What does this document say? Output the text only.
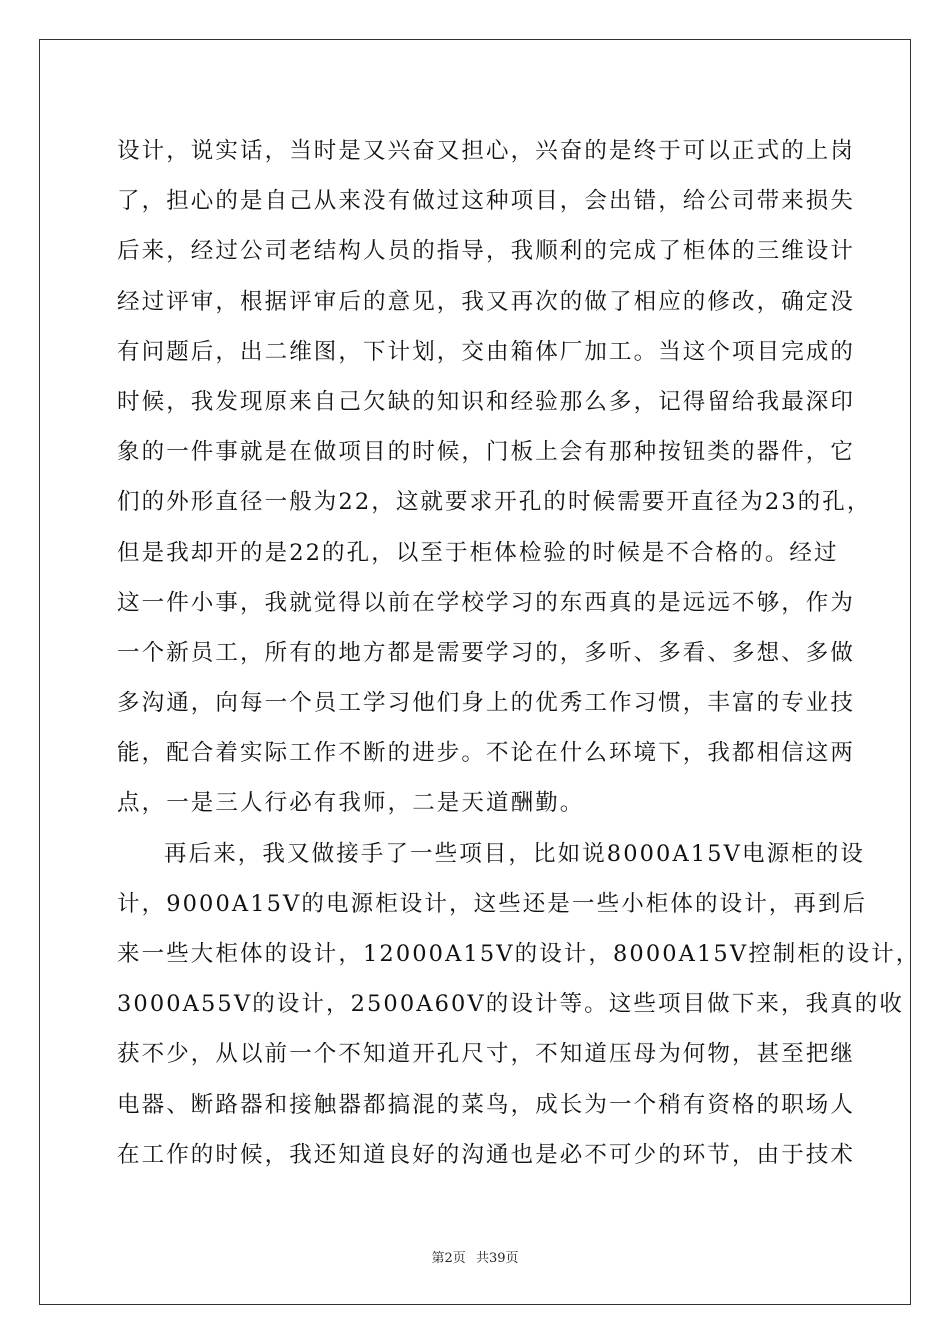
设计，说实话，当时是又兴奋又担心，兴奋的是终于可以正式的上岗
了，担心的是自己从来没有做过这种项目，会出错，给公司带来损失
后来，经过公司老结构人员的指导，我顺利的完成了柜体的三维设计
经过评审，根据评审后的意见，我又再次的做了相应的修改，确定没
有问题后，出二维图，下计划，交由箱体厂加工。当这个项目完成的
时候，我发现原来自己欠缺的知识和经验那么多，记得留给我最深印
象的一件事就是在做项目的时候，门板上会有那种按钮类的器件，它
们的外形直径一般为22，这就要求开孔的时候需要开直径为23的孔，
但是我却开的是22的孔，以至于柜体检验的时候是不合格的。经过
这一件小事，我就觉得以前在学校学习的东西真的是远远不够，作为
一个新员工，所有的地方都是需要学习的，多听、多看、多想、多做
多沟通，向每一个员工学习他们身上的优秀工作习惯，丰富的专业技
能，配合着实际工作不断的进步。不论在什么环境下，我都相信这两
点，一是三人行必有我师，二是天道酬勤。
再后来，我又做接手了一些项目，比如说8000A15V电源柜的设
计，9000A15V的电源柜设计，这些还是一些小柜体的设计，再到后
来一些大柜体的设计，12000A15V的设计，8000A15V控制柜的设计，
3000A55V的设计，2500A60V的设计等。这些项目做下来，我真的收
获不少，从以前一个不知道开孔尺寸，不知道压母为何物，甚至把继
电器、断路器和接触器都搞混的菜鸟，成长为一个稍有资格的职场人
在工作的时候，我还知道良好的沟通也是必不可少的环节，由于技术
第2页 共39页
